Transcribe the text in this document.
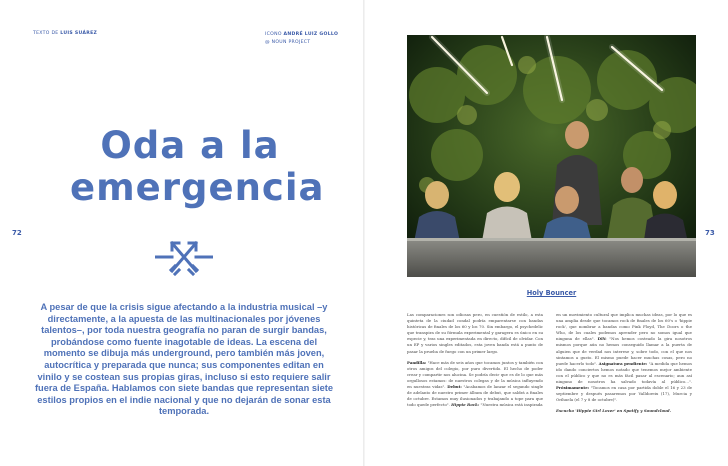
TEXTO DE LUIS SUÁREZ	ICONO ANDRÉ LUIZ GOLLO
@ NOUN PROJECT
Oda a la
emergencia
72	73
A pesar de que la crisis sigue afectando a la industria musical –y directamente, a la apuesta de las multinacionales por jóvenes talentos–, por toda nuestra geografía no paran de surgir bandas, probándose como fuente inagotable de ideas. La escena del momento se dibuja más underground, pero también más joven, autocrítica y preparada que nunca; sus componentes editan en vinilo y se costean sus propias giras, incluso si esto requiere salir fuera de España. Hablamos con siete bandas que representan siete estilos propios en el indie nacional y que no dejarán de sonar esta temporada.
Holy Bouncer

Las comparaciones son odiosas pero, en cuestión de estilo, a esta quinteta de la ciudad condal podría emparentarse con bandas históricas de finales de los 60 y los 70. Sin embargo, el psychedelic que transpira de su fórmula experimental y garagera es único en su especie y, tras una experimentada en directo, difícil de olvidar. Con un EP y varios singles editados, esta joven banda está a punto de pasar la prueba de fuego con un primer largo.

Pandilla: "Hace más de seis años que tocamos juntos y también con otros amigos del colegio, por puro divertido. El hecho de poder crear y compartir nos alucina. Se podría decir que es de lo que más orgullosos estamos: de nuestros colegas y de la música influyendo en nuestras vidas". Debut: "Acabamos de lanzar el segundo single de adelanto de nuestro primer álbum de debut, que saldrá a finales de octubre. Estamos muy ilusionados y trabajando a tope para que todo quede perfecto". Hippie Rock: "Nuestra música está inspirada

en un movimiento cultural que implica muchas ideas, por lo que es una amplia desde que tocamos rock de finales de los 60's o 'hippie rock', que nombrar a bandas como Pink Floyd, The Doors o the Who, de los cuales podemos aprender pero no somos igual que ninguna de ellas". DIY: "Nos hemos costeado la gira nosotros mismos porque aún no hemos conseguido llamar a la puerta de alguien que de verdad nos interese y, sobre todo, con el que nos sintamos a gusto. El mismo puede hacer muchas cosas, pero no puede hacerlo todo". Asignatura pendiente: "A medida que hemos ido dando conciertos hemos notado que tenemos mejor ambiente con el público y que no es más fácil pasar al escenario; aun así ninguno de nosotros ha salvado todavía al público...". Próximamente: "Tocamos en casa por partida doble el 16 y 23 de septiembre y después pasaremos por Valldoreix (17), Murcia y Orihuela (el 7 y 8 de octubre)".

Escucha 'Hippie Girl Lover' en Spotify y Soundcloud.
